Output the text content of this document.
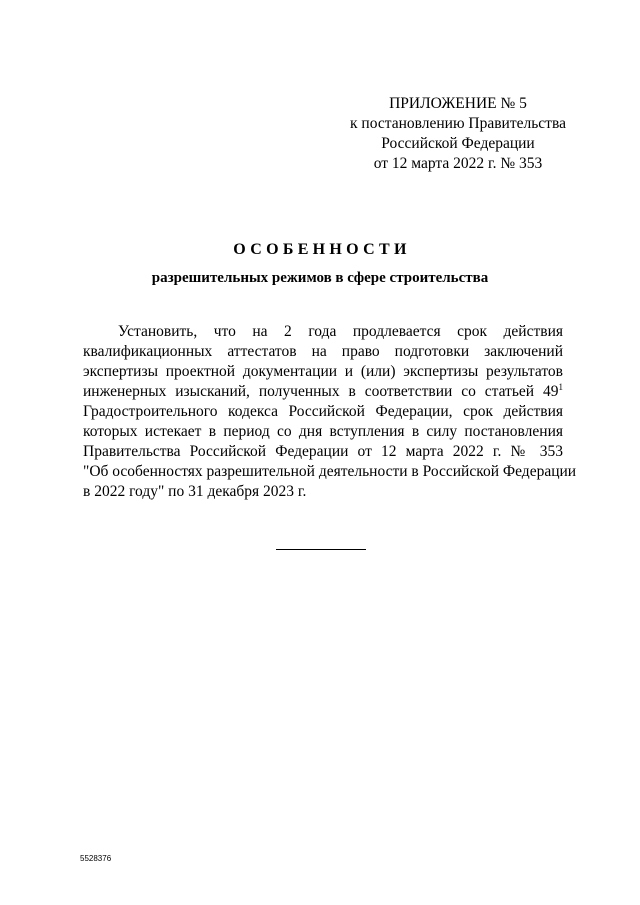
ПРИЛОЖЕНИЕ № 5
к постановлению Правительства
Российской Федерации
от 12 марта 2022 г. № 353
ОСОБЕННОСТИ
разрешительных режимов в сфере строительства
Установить, что на 2 года продлевается срок действия
квалификационных аттестатов на право подготовки заключений
экспертизы проектной документации и (или) экспертизы результатов
инженерных изысканий, полученных в соответствии со статьей $49^1$
Градостроительного кодекса Российской Федерации, срок действия
которых истекает в период со дня вступления в силу постановления
Правительства Российской Федерации от 12 марта 2022 г. № 353
"Об особенностях разрешительной деятельности в Российской Федерации
в 2022 году" по 31 декабря 2023 г.
5528376
